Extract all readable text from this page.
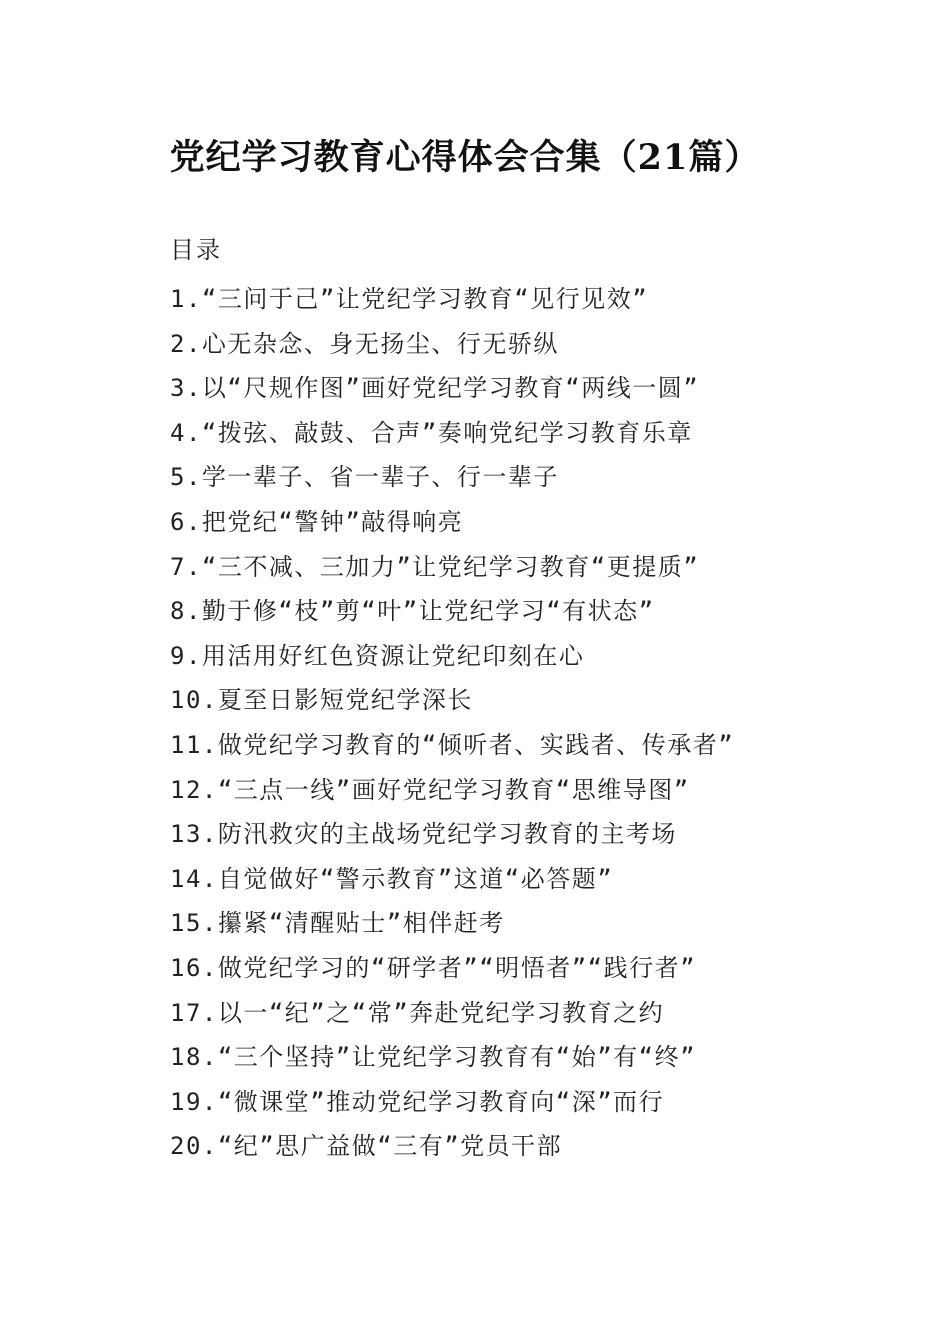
党纪学习教育心得体会合集（21篇）
目录
1.“三问于己”让党纪学习教育“见行见效”
2.心无杂念、身无扬尘、行无骄纵
3.以“尺规作图”画好党纪学习教育“两线一圆”
4.“拨弦、敲鼓、合声”奏响党纪学习教育乐章
5.学一辈子、省一辈子、行一辈子
6.把党纪“警钟”敲得响亮
7.“三不减、三加力”让党纪学习教育“更提质”
8.勤于修“枝”剪“叶”让党纪学习“有状态”
9.用活用好红色资源让党纪印刻在心
10.夏至日影短党纪学深长
11.做党纪学习教育的“倾听者、实践者、传承者”
12.“三点一线”画好党纪学习教育“思维导图”
13.防汛救灾的主战场党纪学习教育的主考场
14.自觉做好“警示教育”这道“必答题”
15.攥紧“清醒贴士”相伴赶考
16.做党纪学习的“研学者”“明悟者”“践行者”
17.以一“纪”之“常”奔赴党纪学习教育之约
18.“三个坚持”让党纪学习教育有“始”有“终”
19.“微课堂”推动党纪学习教育向“深”而行
20.“纪”思广益做“三有”党员干部
